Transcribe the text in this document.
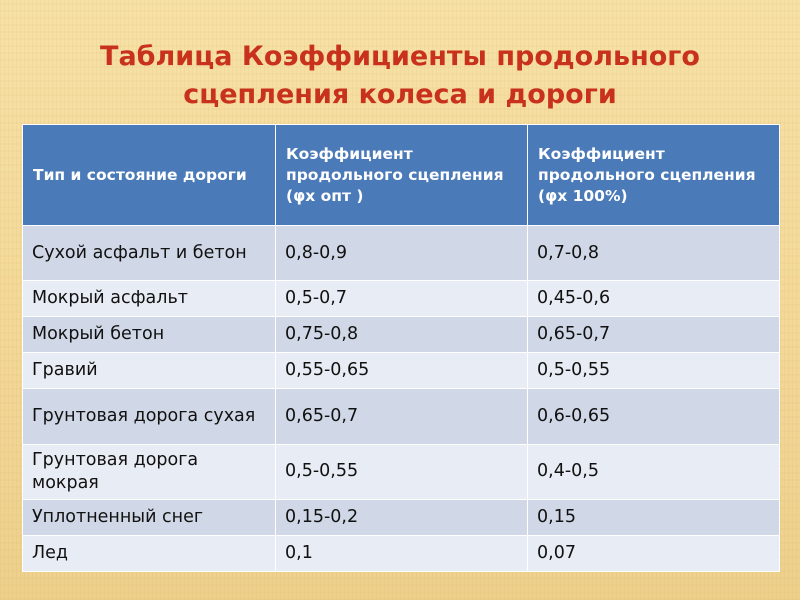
Таблица Коэффициенты продольного
сцепления колеса и дороги
Тип и состояние дороги	Коэффициент продольного сцепления (φх опт )	Коэффициент продольного сцепления (φх 100%)
Сухой асфальт и бетон	0,8-0,9	0,7-0,8
Мокрый асфальт	0,5-0,7	0,45-0,6
Мокрый бетон	0,75-0,8	0,65-0,7
Гравий	0,55-0,65	0,5-0,55
Грунтовая дорога сухая	0,65-0,7	0,6-0,65
Грунтовая дорога мокрая	0,5-0,55	0,4-0,5
Уплотненный снег	0,15-0,2	0,15
Лед	0,1	0,07
